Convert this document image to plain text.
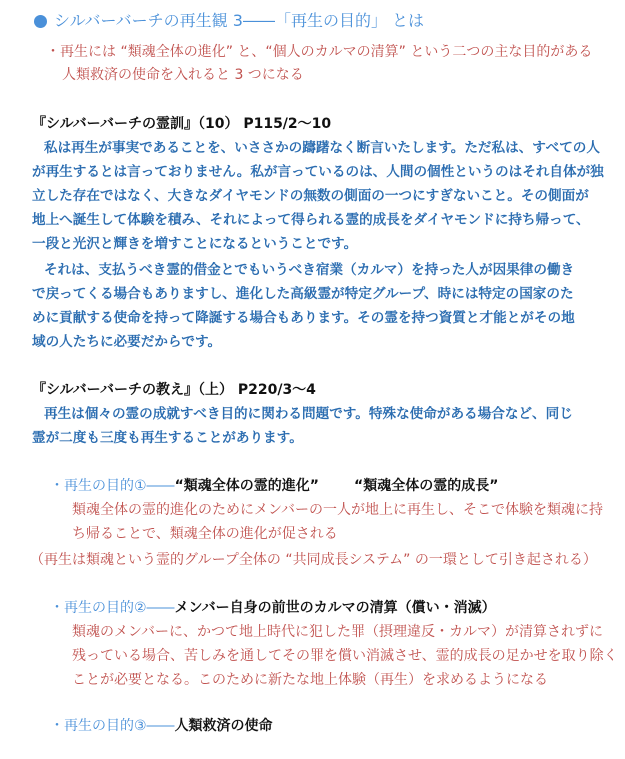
シルバーバーチの再生観 3――「再生の目的」 とは
・再生には “類魂全体の進化” と、“個人のカルマの清算” という二つの主な目的がある
人類救済の使命を入れると 3 つになる
『シルバーバーチの霊訓』（10） P115/2～10
私は再生が事実であることを、いささかの躊躇なく断言いたします。ただ私は、すべての人
が再生するとは言っておりません。私が言っているのは、人間の個性というのはそれ自体が独
立した存在ではなく、大きなダイヤモンドの無数の側面の一つにすぎないこと。その側面が
地上へ誕生して体験を積み、それによって得られる霊的成長をダイヤモンドに持ち帰って、
一段と光沢と輝きを増すことになるということです。
それは、支払うべき霊的借金とでもいうべき宿業（カルマ）を持った人が因果律の働き
で戻ってくる場合もありますし、進化した高級霊が特定グループ、時には特定の国家のた
めに貢献する使命を持って降誕する場合もあります。その霊を持つ資質と才能とがその地
域の人たちに必要だからです。
『シルバーバーチの教え』（上） P220/3～4
再生は個々の霊の成就すべき目的に関わる問題です。特殊な使命がある場合など、同じ
霊が二度も三度も再生することがあります。
・再生の目的①――“類魂全体の霊的進化”	“類魂全体の霊的成長”
類魂全体の霊的進化のためにメンバーの一人が地上に再生し、そこで体験を類魂に持
ち帰ることで、類魂全体の進化が促される
（再生は類魂という霊的グループ全体の “共同成長システム” の一環として引き起される）
・再生の目的②――メンバー自身の前世のカルマの清算（償い・消滅）
類魂のメンバーに、かつて地上時代に犯した罪（摂理違反・カルマ）が清算されずに
残っている場合、苦しみを通してその罪を償い消滅させ、霊的成長の足かせを取り除く
ことが必要となる。このために新たな地上体験（再生）を求めるようになる
・再生の目的③――人類救済の使命
